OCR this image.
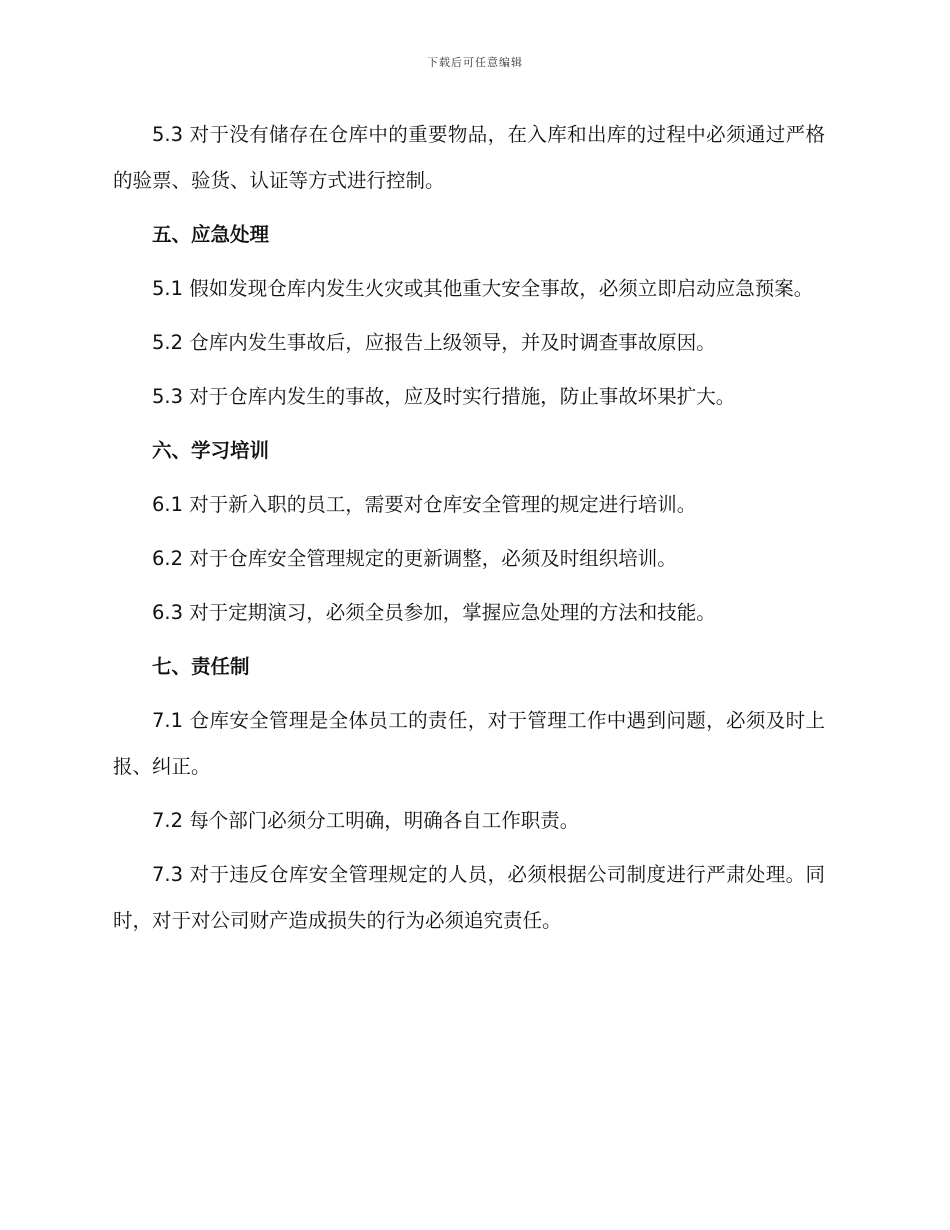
下载后可任意编辑

5.3 对于没有储存在仓库中的重要物品，在入库和出库的过程中必须通过严格的验票、验货、认证等方式进行控制。

五、应急处理

5.1 假如发现仓库内发生火灾或其他重大安全事故，必须立即启动应急预案。

5.2 仓库内发生事故后，应报告上级领导，并及时调查事故原因。

5.3 对于仓库内发生的事故，应及时实行措施，防止事故坏果扩大。

六、学习培训

6.1 对于新入职的员工，需要对仓库安全管理的规定进行培训。

6.2 对于仓库安全管理规定的更新调整，必须及时组织培训。

6.3 对于定期演习，必须全员参加，掌握应急处理的方法和技能。

七、责任制

7.1 仓库安全管理是全体员工的责任，对于管理工作中遇到问题，必须及时上报、纠正。

7.2 每个部门必须分工明确，明确各自工作职责。

7.3 对于违反仓库安全管理规定的人员，必须根据公司制度进行严肃处理。同时，对于对公司财产造成损失的行为必须追究责任。
